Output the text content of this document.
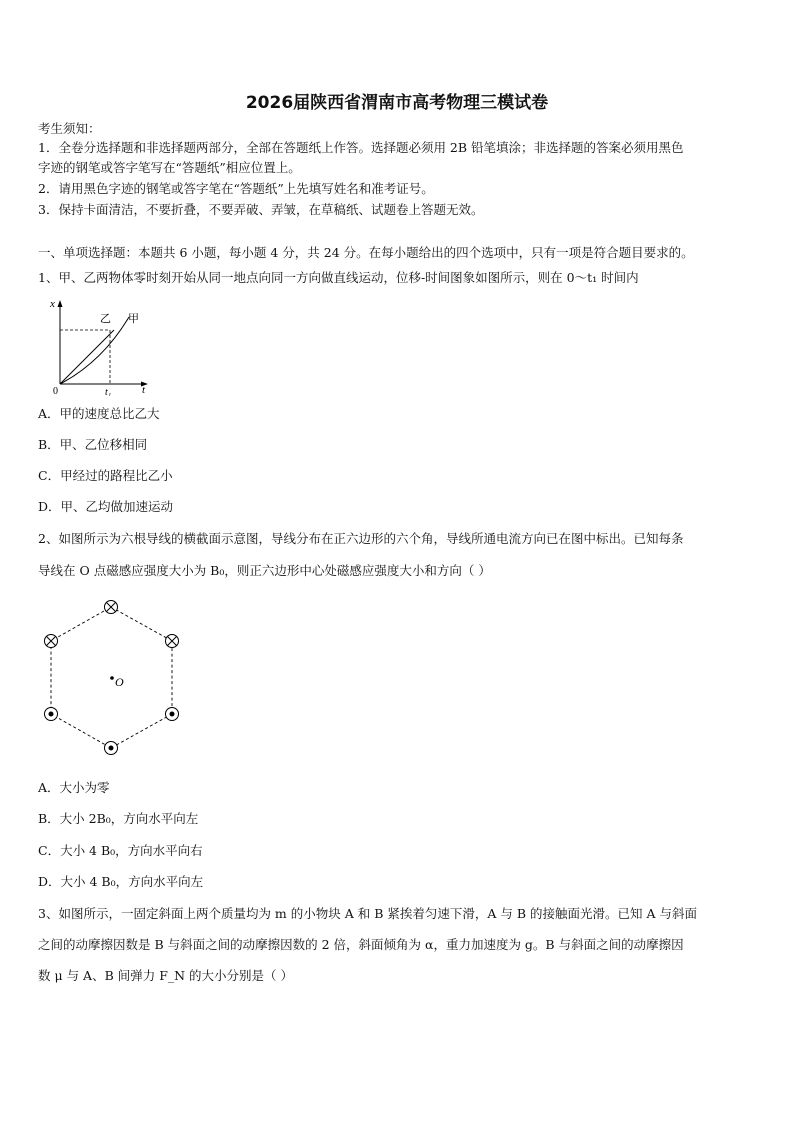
2026届陕西省渭南市高考物理三模试卷
考生须知：
1．全卷分选择题和非选择题两部分，全部在答题纸上作答。选择题必须用 2B 铅笔填涂；非选择题的答案必须用黑色
字迹的钢笔或答字笔写在“答题纸”相应位置上。
2．请用黑色字迹的钢笔或答字笔在“答题纸”上先填写姓名和准考证号。
3．保持卡面清洁，不要折叠，不要弄破、弄皱，在草稿纸、试题卷上答题无效。
一、单项选择题：本题共 6 小题，每小题 4 分，共 24 分。在每小题给出的四个选项中，只有一项是符合题目要求的。
1、甲、乙两物体零时刻开始从同一地点向同一方向做直线运动，位移-时间图象如图所示，则在 0～t₁ 时间内
x
t
0	t₁
乙 甲
A．甲的速度总比乙大
B．甲、乙位移相同
C．甲经过的路程比乙小
D．甲、乙均做加速运动
2、如图所示为六根导线的横截面示意图，导线分布在正六边形的六个角，导线所通电流方向已在图中标出。已知每条
导线在 O 点磁感应强度大小为 B₀，则正六边形中心处磁感应强度大小和方向（ ）
O
A．大小为零
B．大小 2B₀，方向水平向左
C．大小 4 B₀，方向水平向右
D．大小 4 B₀，方向水平向左
3、如图所示，一固定斜面上两个质量均为 m 的小物块 A 和 B 紧挨着匀速下滑，A 与 B 的接触面光滑。已知 A 与斜面
之间的动摩擦因数是 B 与斜面之间的动摩擦因数的 2 倍，斜面倾角为 α，重力加速度为 g。B 与斜面之间的动摩擦因
数 μ 与 A、B 间弹力 F_N 的大小分别是（ ）
